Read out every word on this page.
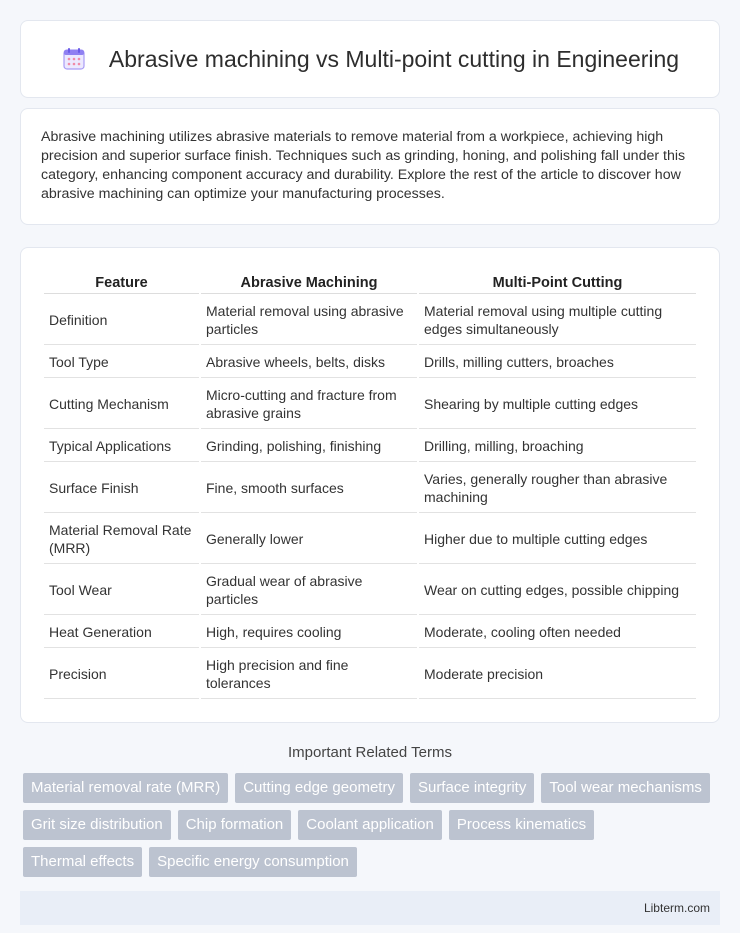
Abrasive machining vs Multi-point cutting in Engineering

Abrasive machining utilizes abrasive materials to remove material from a workpiece, achieving high precision and superior surface finish. Techniques such as grinding, honing, and polishing fall under this category, enhancing component accuracy and durability. Explore the rest of the article to discover how abrasive machining can optimize your manufacturing processes.

Feature	Abrasive Machining	Multi-Point Cutting
Definition	Material removal using abrasive particles	Material removal using multiple cutting edges simultaneously
Tool Type	Abrasive wheels, belts, disks	Drills, milling cutters, broaches
Cutting Mechanism	Micro-cutting and fracture from abrasive grains	Shearing by multiple cutting edges
Typical Applications	Grinding, polishing, finishing	Drilling, milling, broaching
Surface Finish	Fine, smooth surfaces	Varies, generally rougher than abrasive machining
Material Removal Rate (MRR)	Generally lower	Higher due to multiple cutting edges
Tool Wear	Gradual wear of abrasive particles	Wear on cutting edges, possible chipping
Heat Generation	High, requires cooling	Moderate, cooling often needed
Precision	High precision and fine tolerances	Moderate precision
Important Related Terms
Material removal rate (MRR)	Cutting edge geometry	Surface integrity	Tool wear mechanisms
Grit size distribution	Chip formation	Coolant application	Process kinematics
Thermal effects	Specific energy consumption
Libterm.com
